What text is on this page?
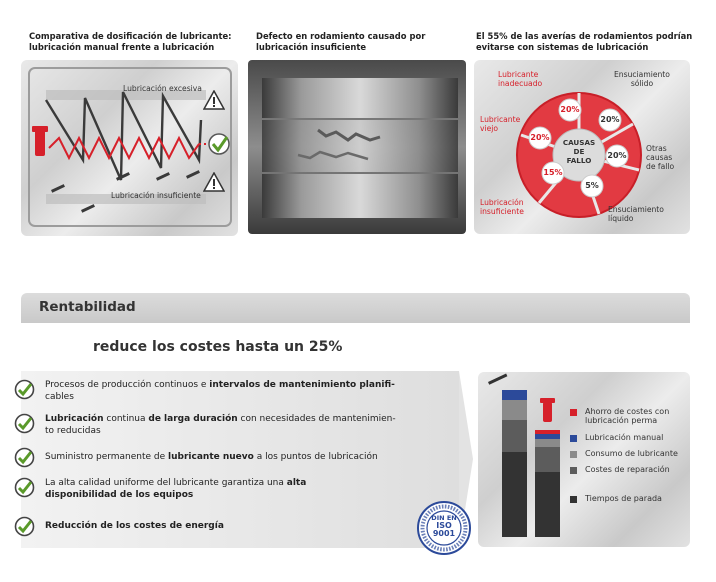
Comparativa de dosificación de lubricante:
lubricación manual frente a lubricación
Defecto en rodamiento causado por
lubricación insuficiente
El 55% de las averías de rodamientos podrían
evitarse con sistemas de lubricación
Lubricación excesiva
Lubricación insuficiente
CAUSAS
DE
FALLO
20%
20%
20%
5%
15%
20%
Lubricante
inadecuado
Ensuciamiento
sólido
Lubricante
viejo
Otras
causas
de fallo
Lubricación
insuficiente	Ensuciamiento
líquido
Rentabilidad
reduce los costes hasta un 25%
Procesos de producción continuos e intervalos de mantenimiento planifi-
cables
Lubricación continua de larga duración con necesidades de mantenimien-
to reducidas
Suministro permanente de lubricante nuevo a los puntos de lubricación
La alta calidad uniforme del lubricante garantiza una alta
disponibilidad de los equipos
Reducción de los costes de energía
DIN EN
ISO
9001
Ahorro de costes con
lubricación perma
Lubricación manual
Consumo de lubricante
Costes de reparación
Tiempos de parada
